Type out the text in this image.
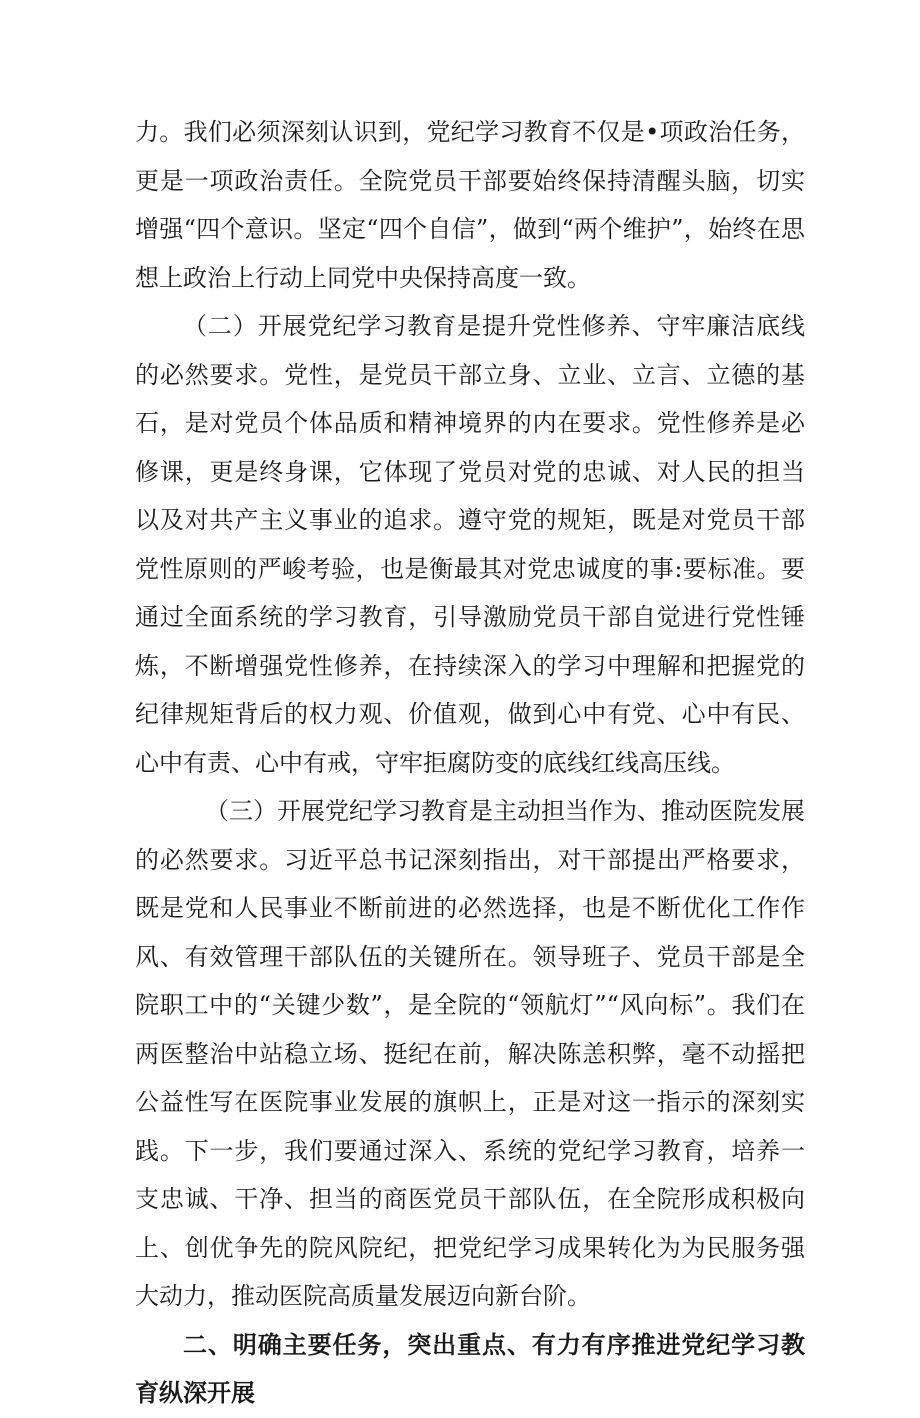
力。我们必须深刻认识到，党纪学习教育不仅是•项政治任务，更是一项政治责任。全院党员干部要始终保持清醒头脑，切实增强“四个意识。坚定“四个自信”，做到“两个维护”，始终在思想上政治上行动上同党中央保持高度一致。

（二）开展党纪学习教育是提升党性修养、守牢廉洁底线的必然要求。党性，是党员干部立身、立业、立言、立德的基石，是对党员个体品质和精神境界的内在要求。党性修养是必修课，更是终身课，它体现了党员对党的忠诚、对人民的担当以及对共产主义事业的追求。遵守党的规矩，既是对党员干部党性原则的严峻考验，也是衡最其对党忠诚度的事:要标准。要通过全面系统的学习教育，引导激励党员干部自觉进行党性锤炼，不断增强党性修养，在持续深入的学习中理解和把握党的纪律规矩背后的权力观、价值观，做到心中有党、心中有民、心中有责、心中有戒，守牢拒腐防变的底线红线高压线。

（三）开展党纪学习教育是主动担当作为、推动医院发展的必然要求。习近平总书记深刻指出，对干部提出严格要求，既是党和人民事业不断前进的必然选择，也是不断优化工作作风、有效管理干部队伍的关键所在。领导班子、党员干部是全院职工中的“关键少数”，是全院的“领航灯”“风向标”。我们在两医整治中站稳立场、挺纪在前，解决陈恙积弊，毫不动摇把公益性写在医院事业发展的旗帜上，正是对这一指示的深刻实践。下一步，我们要通过深入、系统的党纪学习教育，培养一支忠诚、干净、担当的商医党员干部队伍，在全院形成积极向上、创优争先的院风院纪，把党纪学习成果转化为为民服务强大动力，推动医院高质量发展迈向新台阶。

二、明确主要任务，突出重点、有力有序推进党纪学习教育纵深开展
